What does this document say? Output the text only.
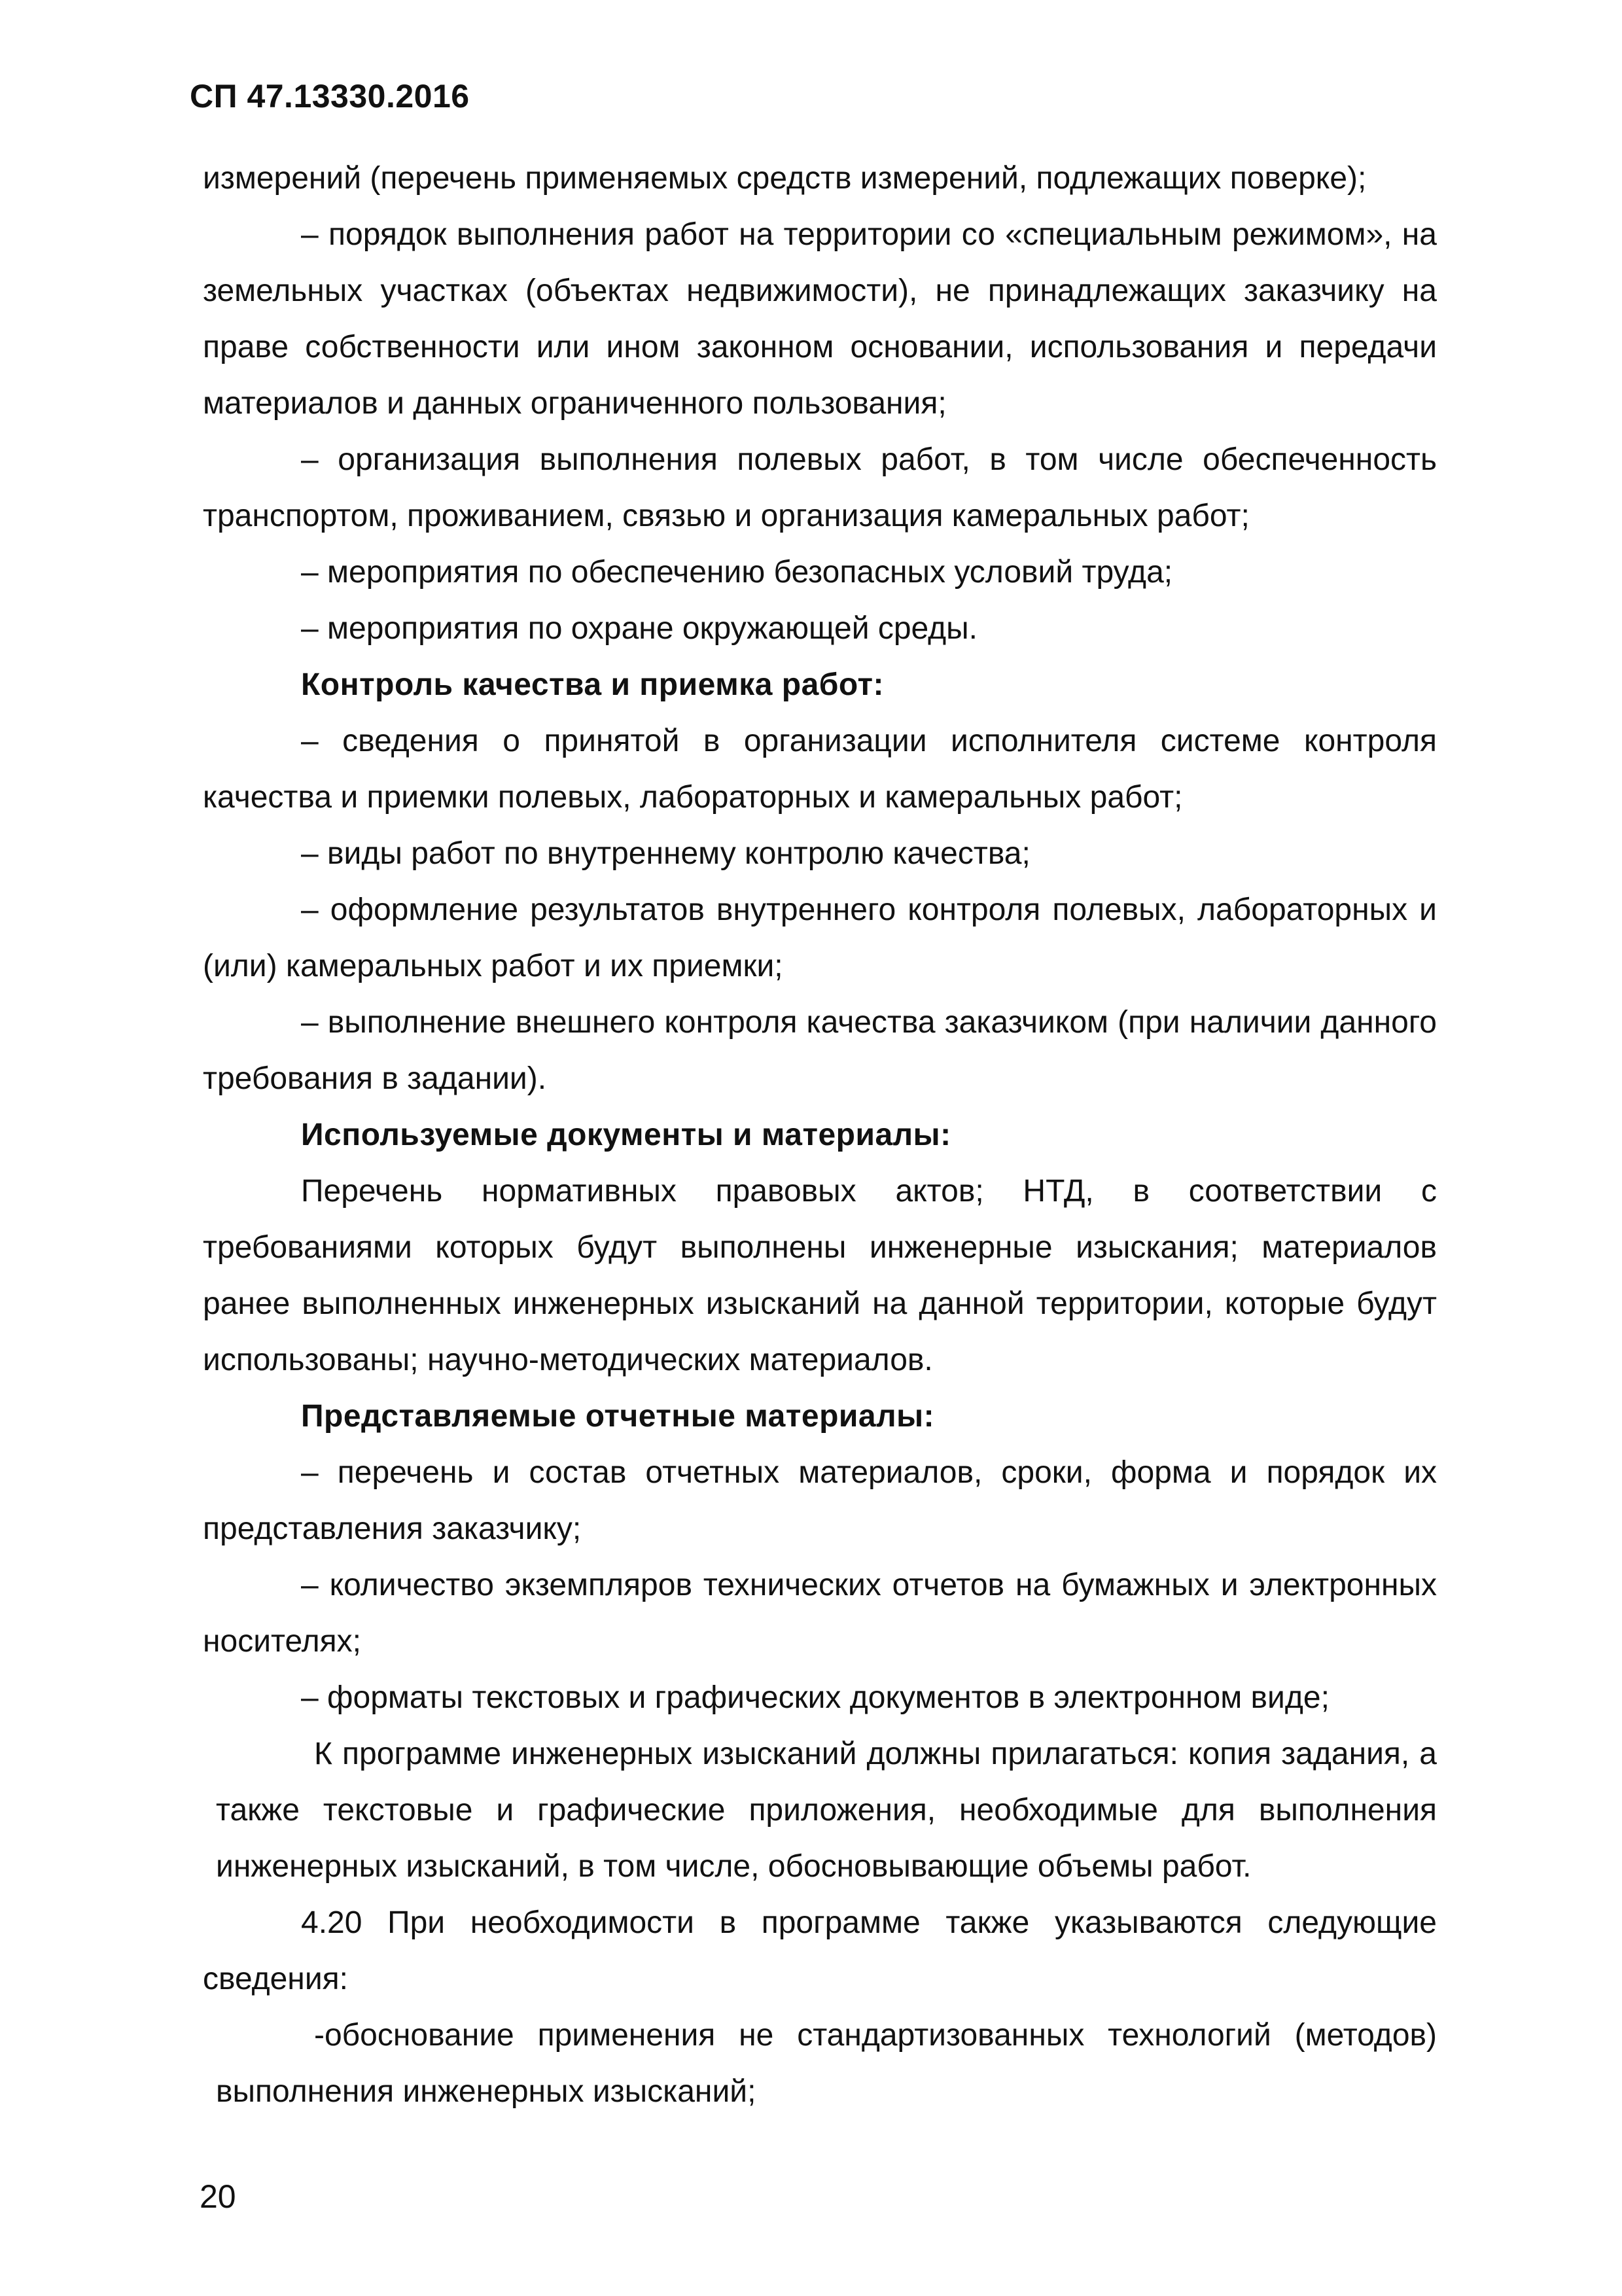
СП 47.13330.2016

измерений (перечень применяемых средств измерений, подлежащих поверке);

– порядок выполнения работ на территории со «специальным режимом», на земельных участках (объектах недвижимости), не принадлежащих заказчику на праве собственности или ином законном основании, использования и передачи материалов и данных ограниченного пользования;

– организация выполнения полевых работ, в том числе обеспеченность транспортом, проживанием, связью и организация камеральных работ;

– мероприятия по обеспечению безопасных условий труда;

– мероприятия по охране окружающей среды.

Контроль качества и приемка работ:

– сведения о принятой в организации исполнителя системе контроля качества и приемки полевых, лабораторных и камеральных работ;

– виды работ по внутреннему контролю качества;

– оформление результатов внутреннего контроля полевых, лабораторных и (или) камеральных работ и их приемки;

– выполнение внешнего контроля качества заказчиком (при наличии данного требования в задании).

Используемые документы и материалы:

Перечень нормативных правовых актов; НТД, в соответствии с требованиями которых будут выполнены инженерные изыскания; материалов ранее выполненных инженерных изысканий на данной территории, которые будут использованы; научно-методических материалов.

Представляемые отчетные материалы:

– перечень и состав отчетных материалов, сроки, форма и порядок их представления заказчику;

– количество экземпляров технических отчетов на бумажных и электронных носителях;

– форматы текстовых и графических документов в электронном виде;

К программе инженерных изысканий должны прилагаться: копия задания, а также текстовые и графические приложения, необходимые для выполнения инженерных изысканий, в том числе, обосновывающие объемы работ.

4.20 При необходимости в программе также указываются следующие сведения:

-обоснование применения не стандартизованных технологий (методов) выполнения инженерных изысканий;

20
